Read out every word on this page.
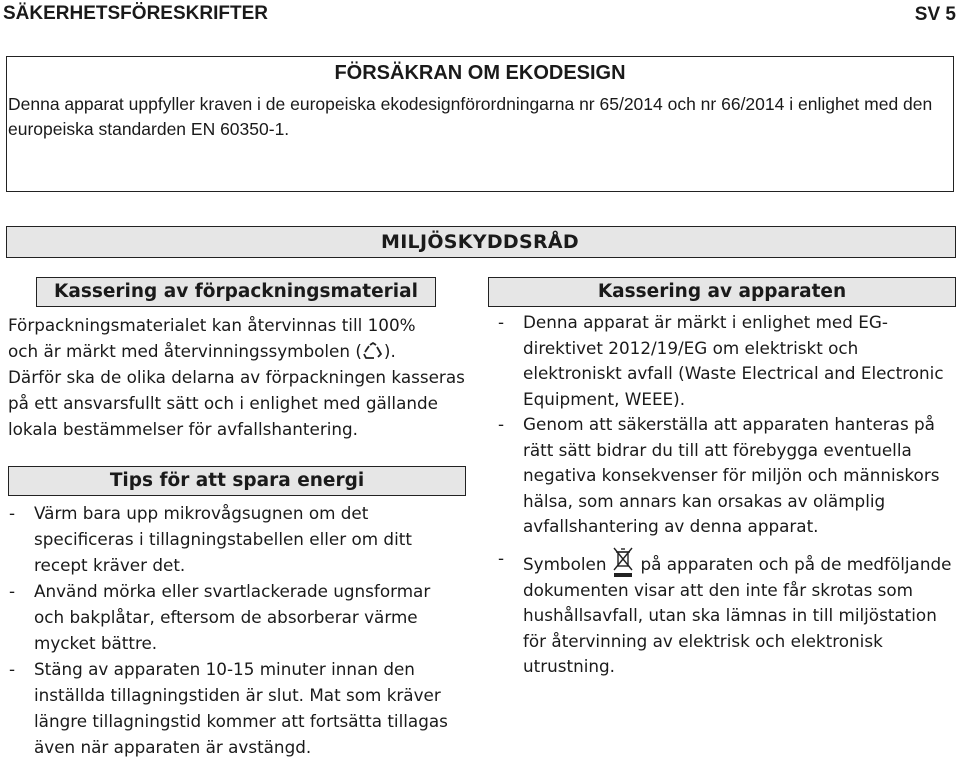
SÄKERHETSFÖRESKRIFTER	SV 5
FÖRSÄKRAN OM EKODESIGN
Denna apparat uppfyller kraven i de europeiska ekodesignförordningarna nr 65/2014 och nr 66/2014 i enlighet med den europeiska standarden EN 60350-1.
MILJÖSKYDDSRÅD
Kassering av förpackningsmaterial
Förpackningsmaterialet kan återvinnas till 100%
och är märkt med återvinningssymbolen ( ).
Därför ska de olika delarna av förpackningen kasseras på ett ansvarsfullt sätt och i enlighet med gällande lokala bestämmelser för avfallshantering.
Tips för att spara energi
- Värm bara upp mikrovågsugnen om det specificeras i tillagningstabellen eller om ditt recept kräver det.
- Använd mörka eller svartlackerade ugnsformar och bakplåtar, eftersom de absorberar värme mycket bättre.
- Stäng av apparaten 10-15 minuter innan den inställda tillagningstiden är slut. Mat som kräver längre tillagningstid kommer att fortsätta tillagas även när apparaten är avstängd.
Kassering av apparaten
- Denna apparat är märkt i enlighet med EG-direktivet 2012/19/EG om elektriskt och elektroniskt avfall (Waste Electrical and Electronic Equipment, WEEE).
- Genom att säkerställa att apparaten hanteras på rätt sätt bidrar du till att förebygga eventuella negativa konsekvenser för miljön och människors hälsa, som annars kan orsakas av olämplig avfallshantering av denna apparat.
- Symbolen på apparaten och på de medföljande dokumenten visar att den inte får skrotas som hushållsavfall, utan ska lämnas in till miljöstation för återvinning av elektrisk och elektronisk utrustning.
